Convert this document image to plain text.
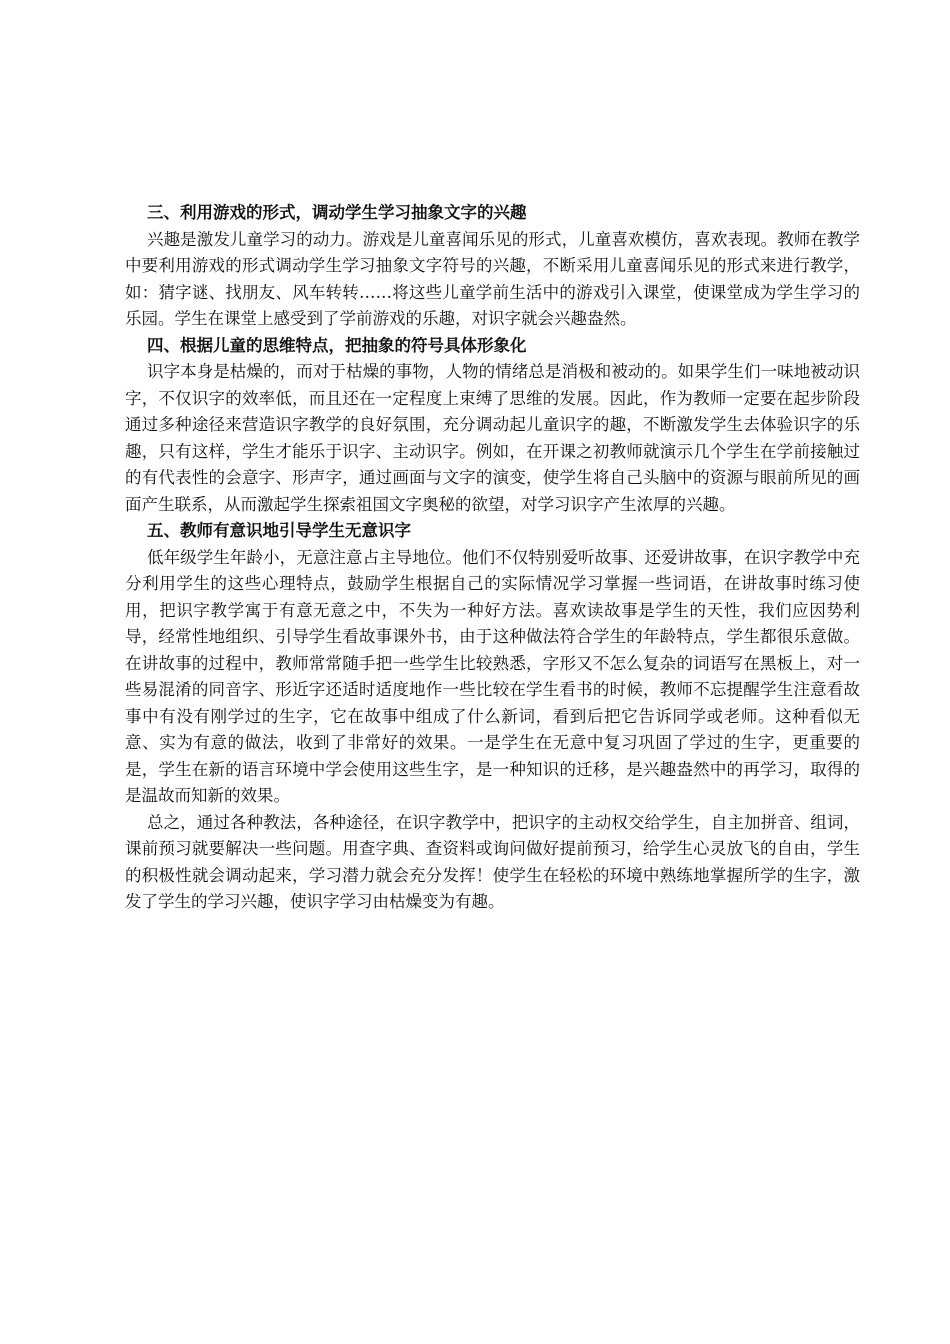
三、利用游戏的形式，调动学生学习抽象文字的兴趣

兴趣是激发儿童学习的动力。游戏是儿童喜闻乐见的形式，儿童喜欢模仿，喜欢表现。教师在教学中要利用游戏的形式调动学生学习抽象文字符号的兴趣，不断采用儿童喜闻乐见的形式来进行教学，如：猜字谜、找朋友、风车转转……将这些儿童学前生活中的游戏引入课堂，使课堂成为学生学习的乐园。学生在课堂上感受到了学前游戏的乐趣，对识字就会兴趣盎然。

四、根据儿童的思维特点，把抽象的符号具体形象化

识字本身是枯燥的，而对于枯燥的事物，人物的情绪总是消极和被动的。如果学生们一味地被动识字，不仅识字的效率低，而且还在一定程度上束缚了思维的发展。因此，作为教师一定要在起步阶段通过多种途径来营造识字教学的良好氛围，充分调动起儿童识字的趣，不断激发学生去体验识字的乐趣，只有这样，学生才能乐于识字、主动识字。例如，在开课之初教师就演示几个学生在学前接触过的有代表性的会意字、形声字，通过画面与文字的演变，使学生将自己头脑中的资源与眼前所见的画面产生联系，从而激起学生探索祖国文字奥秘的欲望，对学习识字产生浓厚的兴趣。

五、教师有意识地引导学生无意识字

低年级学生年龄小，无意注意占主导地位。他们不仅特别爱听故事、还爱讲故事，在识字教学中充分利用学生的这些心理特点，鼓励学生根据自己的实际情况学习掌握一些词语，在讲故事时练习使用，把识字教学寓于有意无意之中，不失为一种好方法。喜欢读故事是学生的天性，我们应因势利导，经常性地组织、引导学生看故事课外书，由于这种做法符合学生的年龄特点，学生都很乐意做。在讲故事的过程中，教师常常随手把一些学生比较熟悉，字形又不怎么复杂的词语写在黑板上，对一些易混淆的同音字、形近字还适时适度地作一些比较在学生看书的时候，教师不忘提醒学生注意看故事中有没有刚学过的生字，它在故事中组成了什么新词，看到后把它告诉同学或老师。这种看似无意、实为有意的做法，收到了非常好的效果。一是学生在无意中复习巩固了学过的生字，更重要的是，学生在新的语言环境中学会使用这些生字，是一种知识的迁移，是兴趣盎然中的再学习，取得的是温故而知新的效果。

总之，通过各种教法，各种途径，在识字教学中，把识字的主动权交给学生，自主加拼音、组词，课前预习就要解决一些问题。用查字典、查资料或询问做好提前预习，给学生心灵放飞的自由，学生的积极性就会调动起来，学习潜力就会充分发挥！使学生在轻松的环境中熟练地掌握所学的生字，激发了学生的学习兴趣，使识字学习由枯燥变为有趣。
